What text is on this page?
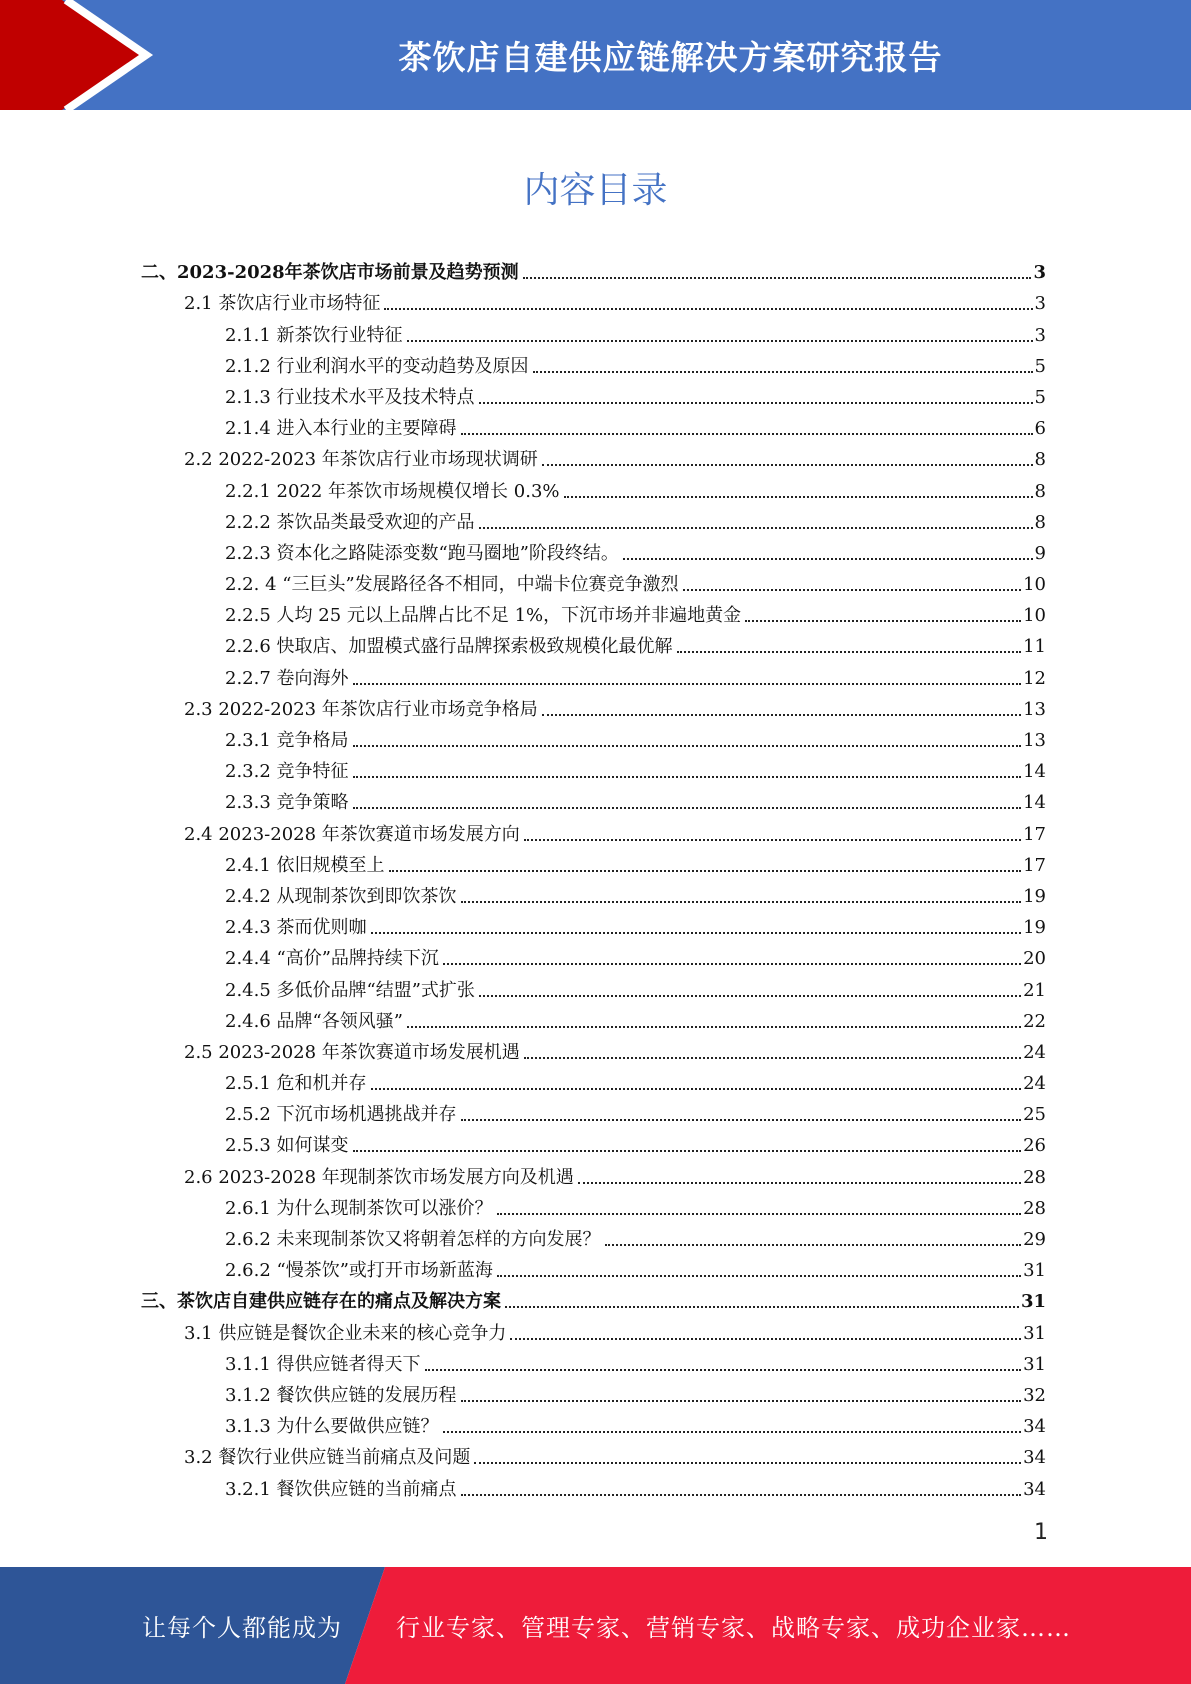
茶饮店自建供应链解决方案研究报告
内容目录
二、2023-2028年茶饮店市场前景及趋势预测	3
2.1 茶饮店行业市场特征	3
2.1.1 新茶饮行业特征	3
2.1.2 行业利润水平的变动趋势及原因	5
2.1.3 行业技术水平及技术特点	5
2.1.4 进入本行业的主要障碍	6
2.2 2022-2023 年茶饮店行业市场现状调研	8
2.2.1 2022 年茶饮市场规模仅增长 0.3%	8
2.2.2 茶饮品类最受欢迎的产品	8
2.2.3 资本化之路陡添变数“跑马圈地”阶段终结。	9
2.2. 4 “三巨头”发展路径各不相同，中端卡位赛竞争激烈	10
2.2.5 人均 25 元以上品牌占比不足 1%，下沉市场并非遍地黄金	10
2.2.6 快取店、加盟模式盛行品牌探索极致规模化最优解	11
2.2.7 卷向海外	12
2.3 2022-2023 年茶饮店行业市场竞争格局	13
2.3.1 竞争格局	13
2.3.2 竞争特征	14
2.3.3 竞争策略	14
2.4 2023-2028 年茶饮赛道市场发展方向	17
2.4.1 依旧规模至上	17
2.4.2 从现制茶饮到即饮茶饮	19
2.4.3 茶而优则咖	19
2.4.4 “高价”品牌持续下沉	20
2.4.5 多低价品牌“结盟”式扩张	21
2.4.6 品牌“各领风骚”	22
2.5 2023-2028 年茶饮赛道市场发展机遇	24
2.5.1 危和机并存	24
2.5.2 下沉市场机遇挑战并存	25
2.5.3 如何谋变	26
2.6 2023-2028 年现制茶饮市场发展方向及机遇	28
2.6.1 为什么现制茶饮可以涨价？	28
2.6.2 未来现制茶饮又将朝着怎样的方向发展？	29
2.6.2 “慢茶饮”或打开市场新蓝海	31
三、茶饮店自建供应链存在的痛点及解决方案	31
3.1 供应链是餐饮企业未来的核心竞争力	31
3.1.1 得供应链者得天下	31
3.1.2 餐饮供应链的发展历程	32
3.1.3 为什么要做供应链？	34
3.2 餐饮行业供应链当前痛点及问题	34
3.2.1 餐饮供应链的当前痛点	34
1
让每个人都能成为 行业专家、管理专家、营销专家、战略专家、成功企业家……
